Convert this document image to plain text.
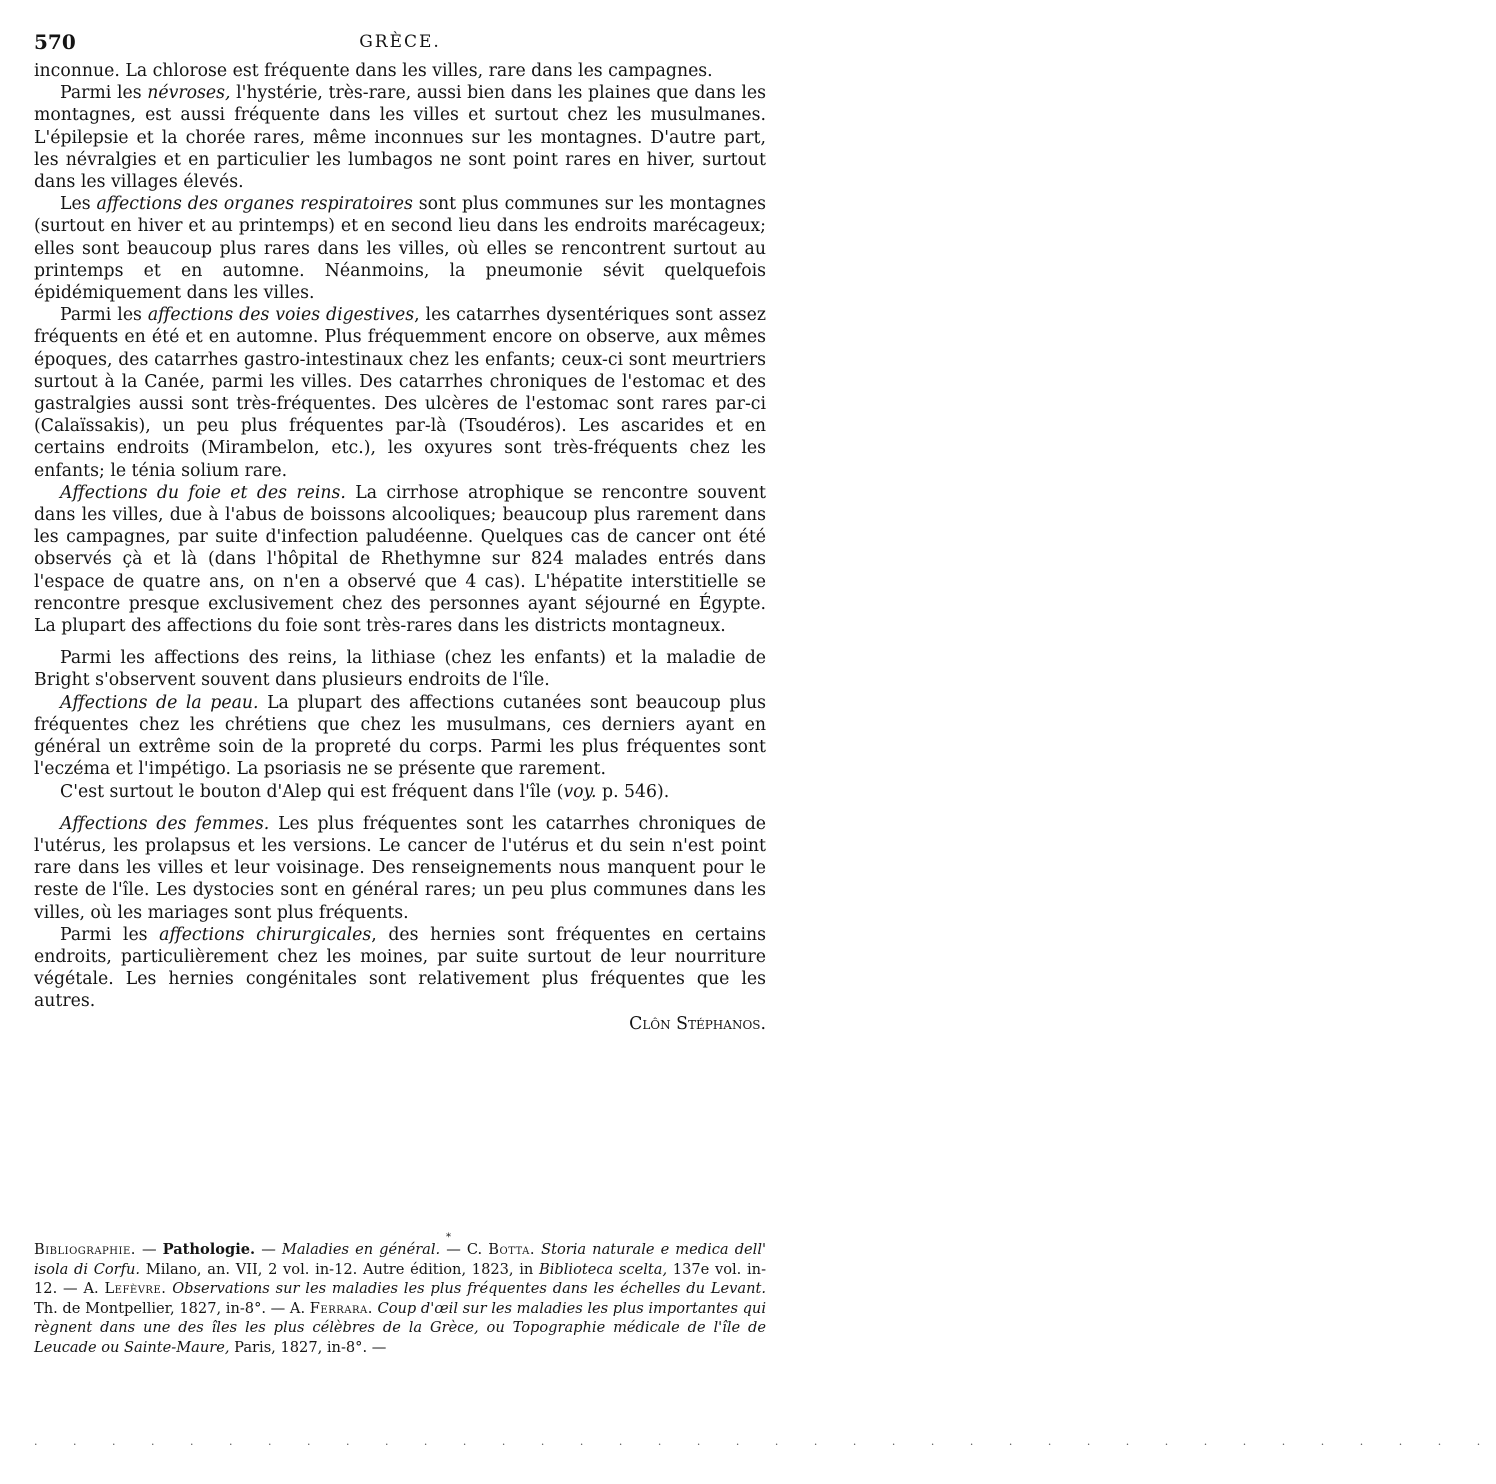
570	GRÈCE.

inconnue. La chlorose est fréquente dans les villes, rare dans les campagnes.

Parmi les névroses, l'hystérie, très-rare, aussi bien dans les plaines que dans les montagnes, est aussi fréquente dans les villes et surtout chez les musulmanes. L'épilepsie et la chorée rares, même inconnues sur les montagnes. D'autre part, les névralgies et en particulier les lumbagos ne sont point rares en hiver, surtout dans les villages élevés.

Les affections des organes respiratoires sont plus communes sur les montagnes (surtout en hiver et au printemps) et en second lieu dans les endroits marécageux; elles sont beaucoup plus rares dans les villes, où elles se rencontrent surtout au printemps et en automne. Néanmoins, la pneumonie sévit quelquefois épidémiquement dans les villes.

Parmi les affections des voies digestives, les catarrhes dysentériques sont assez fréquents en été et en automne. Plus fréquemment encore on observe, aux mêmes époques, des catarrhes gastro-intestinaux chez les enfants; ceux-ci sont meurtriers surtout à la Canée, parmi les villes. Des catarrhes chroniques de l'estomac et des gastralgies aussi sont très-fréquentes. Des ulcères de l'estomac sont rares par-ci (Calaïssakis), un peu plus fréquentes par-là (Tsoudéros). Les ascarides et en certains endroits (Mirambelon, etc.), les oxyures sont très-fréquents chez les enfants; le ténia solium rare.

Affections du foie et des reins. La cirrhose atrophique se rencontre souvent dans les villes, due à l'abus de boissons alcooliques; beaucoup plus rarement dans les campagnes, par suite d'infection paludéenne. Quelques cas de cancer ont été observés çà et là (dans l'hôpital de Rhethymne sur 824 malades entrés dans l'espace de quatre ans, on n'en a observé que 4 cas). L'hépatite interstitielle se rencontre presque exclusivement chez des personnes ayant séjourné en Égypte. La plupart des affections du foie sont très-rares dans les districts montagneux.

Parmi les affections des reins, la lithiase (chez les enfants) et la maladie de Bright s'observent souvent dans plusieurs endroits de l'île.

Affections de la peau. La plupart des affections cutanées sont beaucoup plus fréquentes chez les chrétiens que chez les musulmans, ces derniers ayant en général un extrême soin de la propreté du corps. Parmi les plus fréquentes sont l'eczéma et l'impétigo. La psoriasis ne se présente que rarement.

C'est surtout le bouton d'Alep qui est fréquent dans l'île (voy. p. 546).

Affections des femmes. Les plus fréquentes sont les catarrhes chroniques de l'utérus, les prolapsus et les versions. Le cancer de l'utérus et du sein n'est point rare dans les villes et leur voisinage. Des renseignements nous manquent pour le reste de l'île. Les dystocies sont en général rares; un peu plus communes dans les villes, où les mariages sont plus fréquents.

Parmi les affections chirurgicales, des hernies sont fréquentes en certains endroits, particulièrement chez les moines, par suite surtout de leur nourriture végétale. Les hernies congénitales sont relativement plus fréquentes que les autres.

Clôn Stéphanos.

*

Bibliographie. — Pathologie. — Maladies en général. — C. Botta. Storia naturale e medica dell' isola di Corfu. Milano, an. VII, 2 vol. in-12. Autre édition, 1823, in Biblioteca scelta, 137e vol. in-12. — A. Lefèvre. Observations sur les maladies les plus fréquentes dans les échelles du Levant. Th. de Montpellier, 1827, in-8°. — A. Ferrara. Coup d'œil sur les maladies les plus importantes qui règnent dans une des îles les plus célèbres de la Grèce, ou Topographie médicale de l'île de Leucade ou Sainte-Maure, Paris, 1827, in-8°. —

· · · · · · · · · · · · · · · · · · · · · · · · · · · · · · · · · · · · · ·
